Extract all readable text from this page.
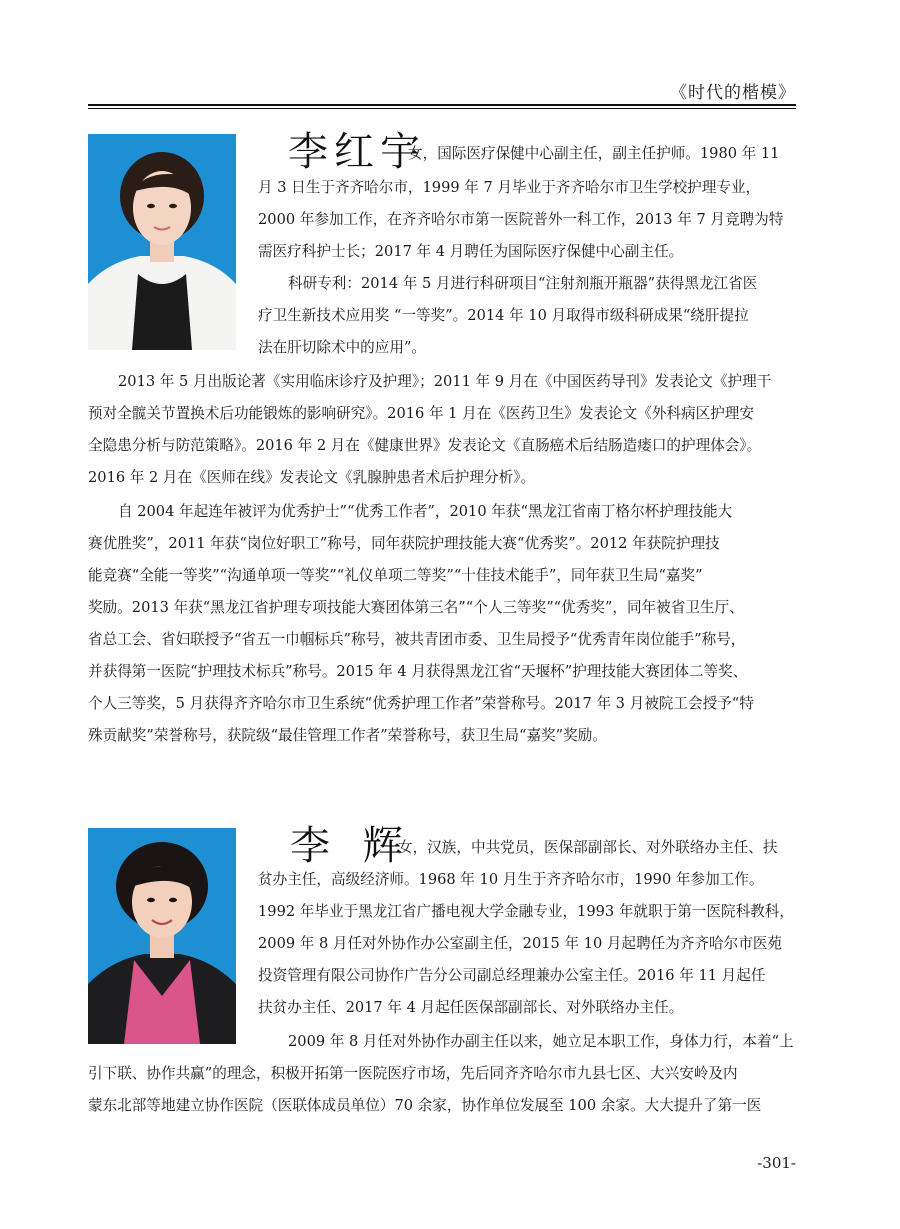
《时代的楷模》
李红宇
女，国际医疗保健中心副主任，副主任护师。1980 年 11
月 3 日生于齐齐哈尔市，1999 年 7 月毕业于齐齐哈尔市卫生学校护理专业，
2000 年参加工作，在齐齐哈尔市第一医院普外一科工作，2013 年 7 月竞聘为特
需医疗科护士长；2017 年 4 月聘任为国际医疗保健中心副主任。
科研专利：2014 年 5 月进行科研项目“注射剂瓶开瓶器”获得黑龙江省医
疗卫生新技术应用奖 “一等奖”。2014 年 10 月取得市级科研成果“绕肝提拉
法在肝切除术中的应用”。
2013 年 5 月出版论著《实用临床诊疗及护理》；2011 年 9 月在《中国医药导刊》发表论文《护理干
预对全髋关节置换术后功能锻炼的影响研究》。2016 年 1 月在《医药卫生》发表论文《外科病区护理安
全隐患分析与防范策略》。2016 年 2 月在《健康世界》发表论文《直肠癌术后结肠造瘘口的护理体会》。
2016 年 2 月在《医师在线》发表论文《乳腺肿患者术后护理分析》。
自 2004 年起连年被评为优秀护士”“优秀工作者”，2010 年获“黑龙江省南丁格尔杯护理技能大
赛优胜奖”，2011 年获“岗位好职工”称号，同年获院护理技能大赛“优秀奖”。2012 年获院护理技
能竞赛“全能一等奖”“沟通单项一等奖”“礼仪单项二等奖”“十佳技术能手”，同年获卫生局“嘉奖”
奖励。2013 年获“黑龙江省护理专项技能大赛团体第三名”“个人三等奖”“优秀奖”，同年被省卫生厅、
省总工会、省妇联授予“省五一巾帼标兵”称号，被共青团市委、卫生局授予“优秀青年岗位能手”称号，
并获得第一医院“护理技术标兵”称号。2015 年 4 月获得黑龙江省“天堰杯”护理技能大赛团体二等奖、
个人三等奖，5 月获得齐齐哈尔市卫生系统“优秀护理工作者”荣誉称号。2017 年 3 月被院工会授予“特
殊贡献奖”荣誉称号，获院级“最佳管理工作者”荣誉称号，获卫生局“嘉奖”奖励。
李 辉
女，汉族，中共党员，医保部副部长、对外联络办主任、扶
贫办主任，高级经济师。1968 年 10 月生于齐齐哈尔市，1990 年参加工作。
1992 年毕业于黑龙江省广播电视大学金融专业，1993 年就职于第一医院科教科，
2009 年 8 月任对外协作办公室副主任，2015 年 10 月起聘任为齐齐哈尔市医苑
投资管理有限公司协作广告分公司副总经理兼办公室主任。2016 年 11 月起任
扶贫办主任、2017 年 4 月起任医保部副部长、对外联络办主任。
2009 年 8 月任对外协作办副主任以来，她立足本职工作，身体力行，本着“上
引下联、协作共赢”的理念，积极开拓第一医院医疗市场，先后同齐齐哈尔市九县七区、大兴安岭及内
蒙东北部等地建立协作医院（医联体成员单位）70 余家，协作单位发展至 100 余家。大大提升了第一医
-301-
